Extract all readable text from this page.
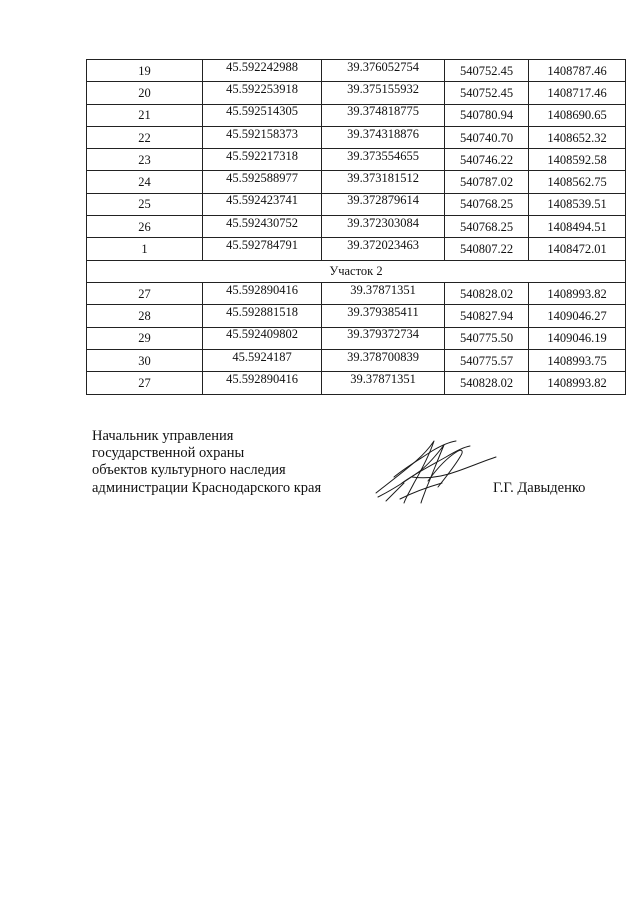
19	45.592242988	39.376052754	540752.45	1408787.46
20	45.592253918	39.375155932	540752.45	1408717.46
21	45.592514305	39.374818775	540780.94	1408690.65
22	45.592158373	39.374318876	540740.70	1408652.32
23	45.592217318	39.373554655	540746.22	1408592.58
24	45.592588977	39.373181512	540787.02	1408562.75
25	45.592423741	39.372879614	540768.25	1408539.51
26	45.592430752	39.372303084	540768.25	1408494.51
1	45.592784791	39.372023463	540807.22	1408472.01
Участок 2				
27	45.592890416	39.37871351	540828.02	1408993.82
28	45.592881518	39.379385411	540827.94	1409046.27
29	45.592409802	39.379372734	540775.50	1409046.19
30	45.5924187	39.378700839	540775.57	1408993.75
27	45.592890416	39.37871351	540828.02	1408993.82
Начальник управления
государственной охраны
объектов культурного наследия
администрации Краснодарского края	Г.Г. Давыденко
